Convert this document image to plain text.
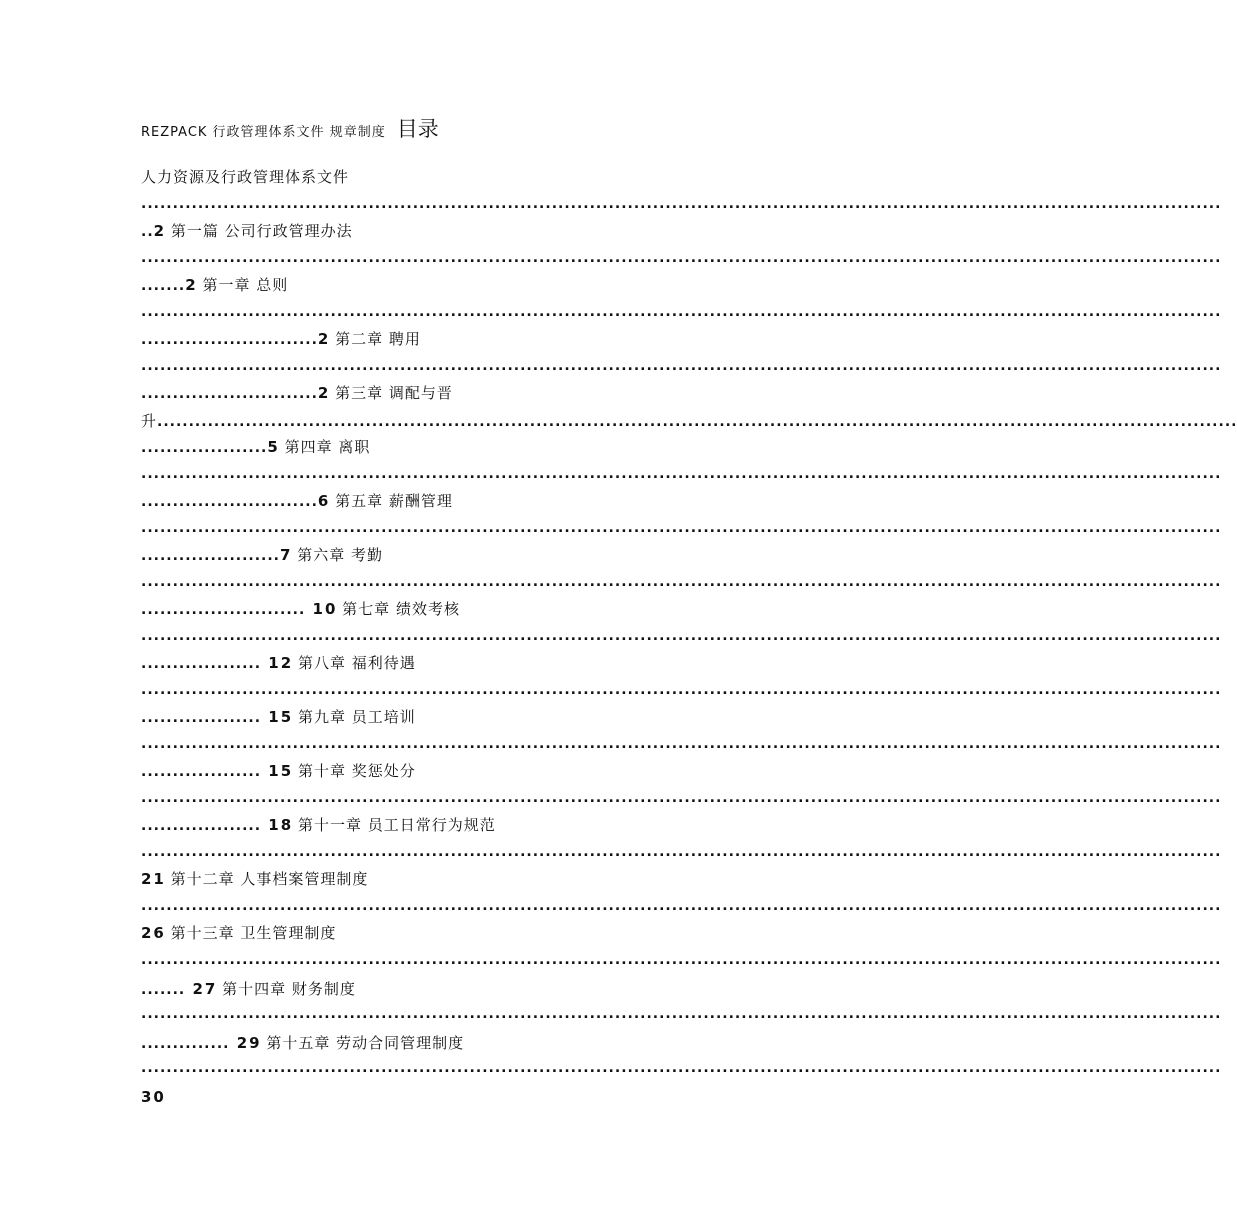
REZPACK 行政管理体系文件 规章制度 目录
人力资源及行政管理体系文件
...........................................................................................................................................................................
...........................................................................................................................................................................
...........................................................................................................................................................................
...........................................................................................................................................................................
...........................................................................................................................................................................
...........................................................................................................................................................................
...........................................................................................................................................................................
...........................................................................................................................................................................
...........................................................................................................................................................................
...........................................................................................................................................................................
...........................................................................................................................................................................
...........................................................................................................................................................................
...........................................................................................................................................................................
...........................................................................................................................................................................
...........................................................................................................................................................................
...........................................................................................................................................................................
..2 第一篇 公司行政管理办法
.......2 第一章 总则
............................2 第二章 聘用
............................2 第三章 调配与晋
升...........................................................................................................................................................................
....................5 第四章 离职
............................6 第五章 薪酬管理
......................7 第六章 考勤
.......................... 10 第七章 绩效考核
................... 12 第八章 福利待遇
................... 15 第九章 员工培训
................... 15 第十章 奖惩处分
................... 18 第十一章 员工日常行为规范
21 第十二章 人事档案管理制度
26 第十三章 卫生管理制度
....... 27 第十四章 财务制度
.............. 29 第十五章 劳动合同管理制度
30
